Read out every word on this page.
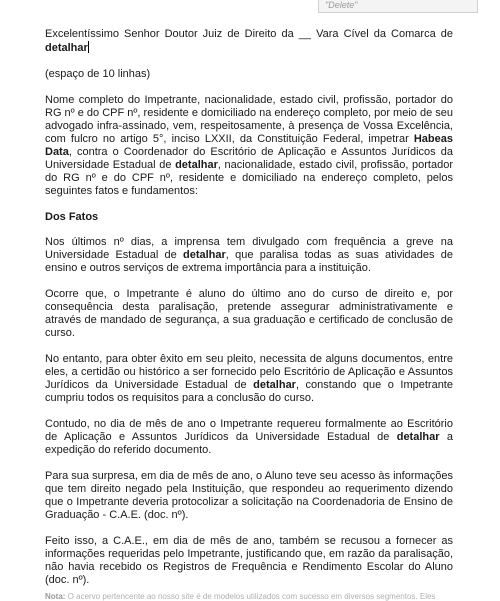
"Delete"

Excelentíssimo Senhor Doutor Juiz de Direito da __ Vara Cível da Comarca de detalhar

(espaço de 10 linhas)

Nome completo do Impetrante, nacionalidade, estado civil, profissão, portador do RG nº e do CPF nº, residente e domiciliado na endereço completo, por meio de seu advogado infra-assinado, vem, respeitosamente, à presença de Vossa Excelência, com fulcro no artigo 5°, inciso LXXII, da Constituição Federal, impetrar Habeas Data, contra o Coordenador do Escritório de Aplicação e Assuntos Jurídicos da Universidade Estadual de detalhar, nacionalidade, estado civil, profissão, portador do RG nº e do CPF nº, residente e domiciliado na endereço completo, pelos seguintes fatos e fundamentos:

Dos Fatos

Nos últimos nº dias, a imprensa tem divulgado com frequência a greve na Universidade Estadual de detalhar, que paralisa todas as suas atividades de ensino e outros serviços de extrema importância para a instituição.

Ocorre que, o Impetrante é aluno do último ano do curso de direito e, por consequência desta paralisação, pretende assegurar administrativamente e através de mandado de segurança, a sua graduação e certificado de conclusão de curso.

No entanto, para obter êxito em seu pleito, necessita de alguns documentos, entre eles, a certidão ou histórico a ser fornecido pelo Escritório de Aplicação e Assuntos Jurídicos da Universidade Estadual de detalhar, constando que o Impetrante cumpriu todos os requisitos para a conclusão do curso.

Contudo, no dia de mês de ano o Impetrante requereu formalmente ao Escritório de Aplicação e Assuntos Jurídicos da Universidade Estadual de detalhar a expedição do referido documento.

Para sua surpresa, em dia de mês de ano, o Aluno teve seu acesso às informações que tem direito negado pela Instituição, que respondeu ao requerimento dizendo que o Impetrante deveria protocolizar a solicitação na Coordenadoria de Ensino de Graduação - C.A.E. (doc. nº).

Feito isso, a C.A.E., em dia de mês de ano, também se recusou a fornecer as informações requeridas pelo Impetrante, justificando que, em razão da paralisação, não havia recebido os Registros de Frequência e Rendimento Escolar do Aluno (doc. nº).

Nota: O acervo pertencente ao nosso site é de modelos utilizados com sucesso em diversos segmentos. Eles
